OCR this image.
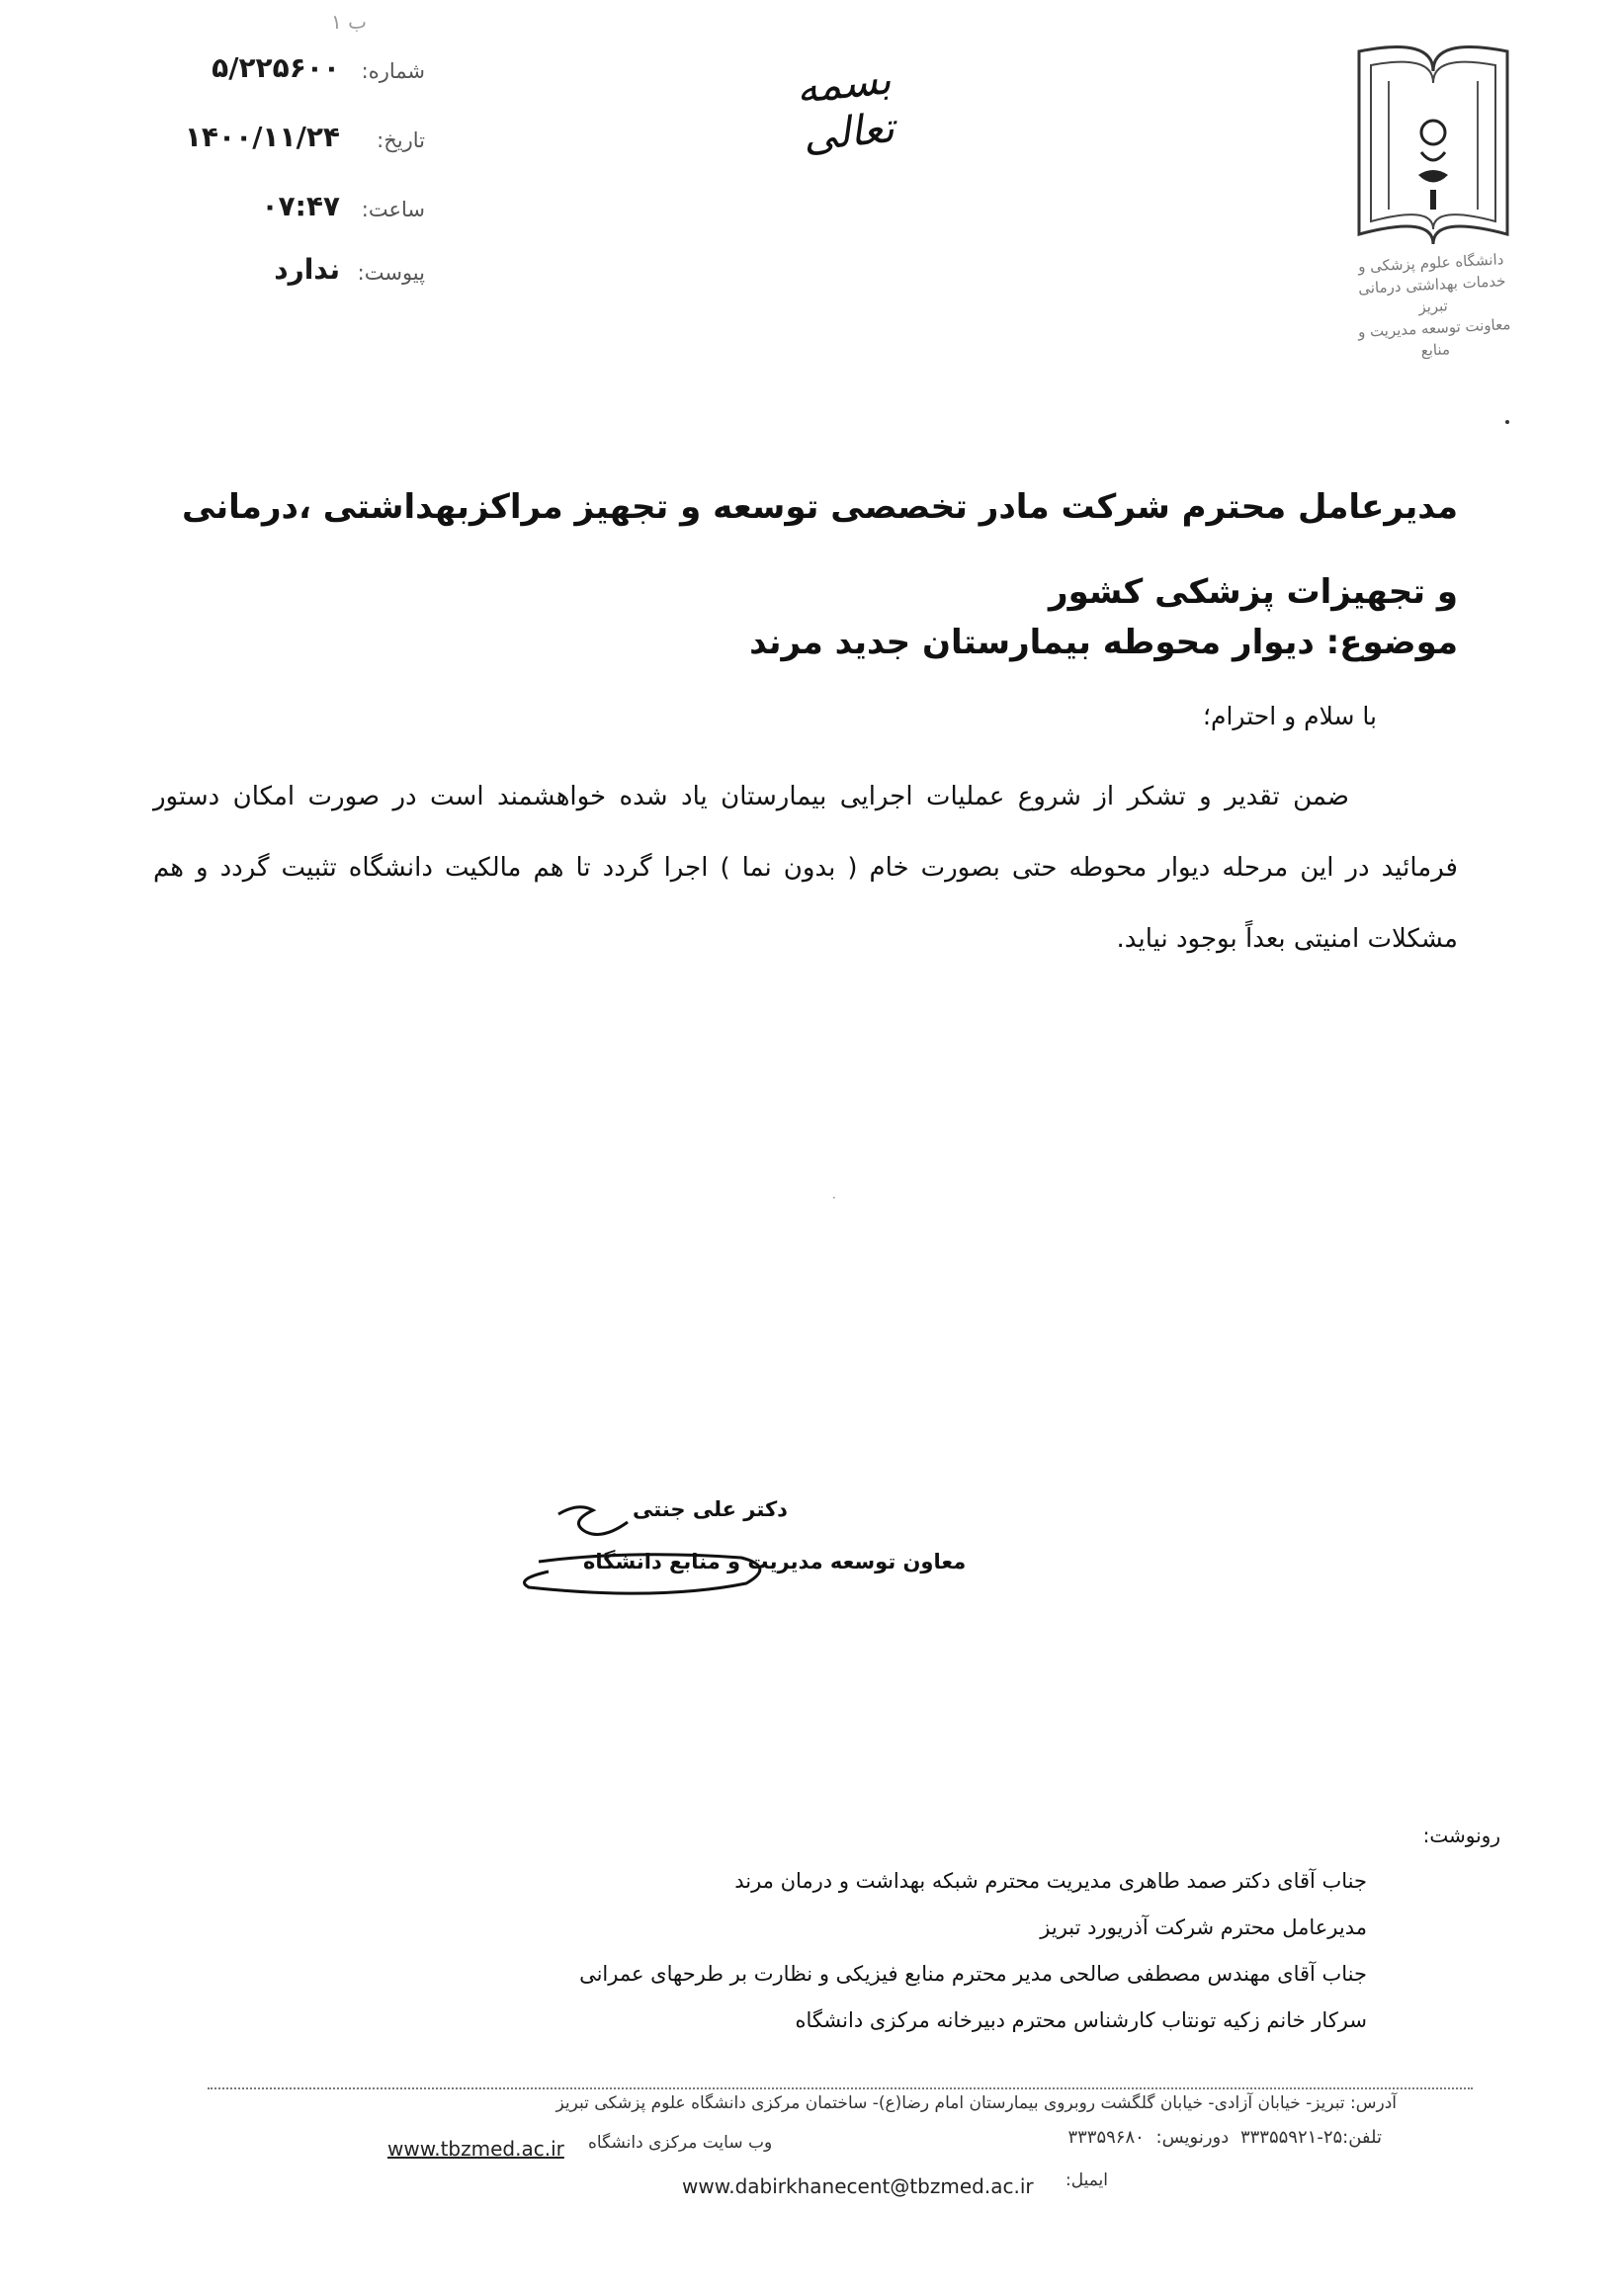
۱ ب
شماره:
۵/۲۲۵۶۰۰
تاریخ:
۱۴۰۰/۱۱/۲۴
ساعت:
۰۷:۴۷
پیوست:
ندارد
بسمه تعالی
دانشگاه علوم پزشکی و خدمات بهداشتی درمانی تبریز
معاونت توسعه مدیریت و منابع
مدیرعامل محترم شرکت مادر تخصصی توسعه و تجهیز مراکزبهداشتی ،درمانی و تجهیزات پزشکی کشور
موضوع: دیوار محوطه بیمارستان جدید مرند
با سلام و احترام؛
ضمن تقدیر و تشکر از شروع عملیات اجرایی بیمارستان یاد شده خواهشمند است در صورت امکان دستور فرمائید در این مرحله دیوار محوطه حتی بصورت خام ( بدون نما ) اجرا گردد تا هم مالکیت دانشگاه تثبیت گردد و هم مشکلات امنیتی بعداً بوجود نیاید.
·
دکتر علی جنتی
معاون توسعه مدیریت و منابع دانشگاه
رونوشت:
جناب آقای دکتر صمد طاهری مدیریت محترم شبکه بهداشت و درمان مرند
مدیرعامل محترم شرکت آذریورد تبریز
جناب آقای مهندس مصطفی صالحی مدیر محترم منابع فیزیکی و نظارت بر طرحهای عمرانی
سرکار خانم زکیه تونتاب کارشناس محترم دبیرخانه مرکزی دانشگاه
آدرس: تبریز- خیابان آزادی- خیابان گلگشت روبروی بیمارستان امام رضا(ع)- ساختمان مرکزی دانشگاه علوم پزشکی تبریز
تلفن:۲۵-۳۳۳۵۵۹۲۱ دورنویس: ۳۳۳۵۹۶۸۰
وب سایت مرکزی دانشگاه
www.tbzmed.ac.ir
www.dabirkhanecent@tbzmed.ac.ir ایمیل:
